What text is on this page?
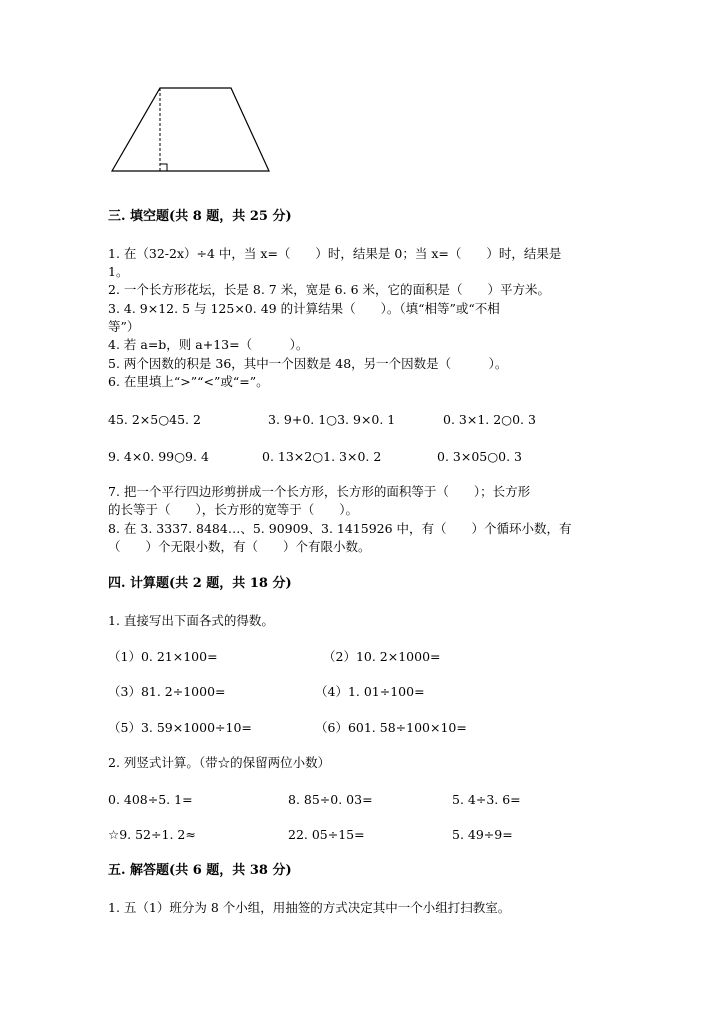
三. 填空题(共 8 题，共 25 分)
1. 在（32-2x）÷4 中，当 x=（　　）时，结果是 0；当 x=（　　）时，结果是
1。
2. 一个长方形花坛，长是 8. 7 米，宽是 6. 6 米，它的面积是（　　）平方米。
3. 4. 9×12. 5 与 125×0. 49 的计算结果（　　）。（填“相等”或“不相
等”）
4. 若 a=b，则 a+13=（　　　）。
5. 两个因数的积是 36，其中一个因数是 48，另一个因数是（　　　）。
6. 在里填上“>”“<”或“=”。
45. 2×5○45. 2	3. 9+0. 1○3. 9×0. 1	0. 3×1. 2○0. 3
9. 4×0. 99○9. 4	0. 13×2○1. 3×0. 2	0. 3×05○0. 3
7. 把一个平行四边形剪拼成一个长方形，长方形的面积等于（　　）；长方形
的长等于（　　），长方形的宽等于（　　）。
8. 在 3. 3337. 8484…、5. 90909、3. 1415926 中，有（　　）个循环小数，有
（　　）个无限小数，有（　　）个有限小数。
四. 计算题(共 2 题，共 18 分)
1. 直接写出下面各式的得数。
（1）0. 21×100=	（2）10. 2×1000=
（3）81. 2÷1000=	（4）1. 01÷100=
（5）3. 59×1000÷10=	（6）601. 58÷100×10=
2. 列竖式计算。（带☆的保留两位小数）
0. 408÷5. 1=	8. 85÷0. 03=	5. 4÷3. 6=
☆9. 52÷1. 2≈	22. 05÷15=	5. 49÷9=
五. 解答题(共 6 题，共 38 分)
1. 五（1）班分为 8 个小组，用抽签的方式决定其中一个小组打扫教室。
